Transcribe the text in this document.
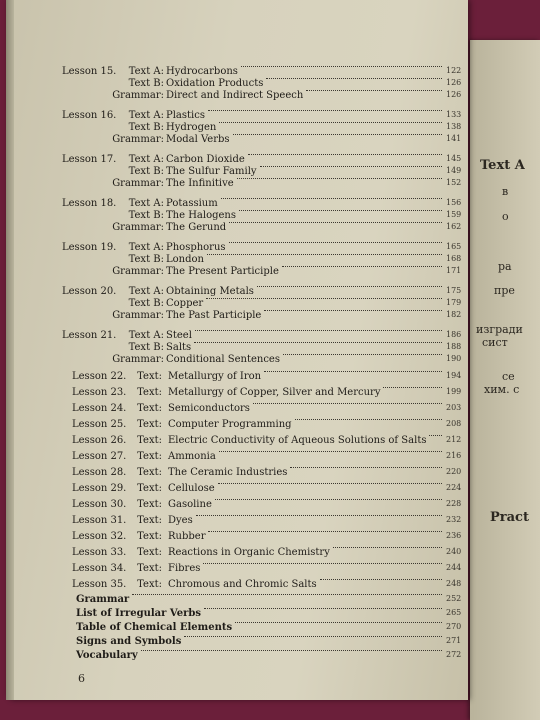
Text A
в
о
ра
пре
изгради
сист
се
хим. с
Pract
Lesson 15.	Text A: Hydrocarbons	122
Text B: Oxidation Products	126
Grammar: Direct and Indirect Speech	126
Lesson 16.	Text A: Plastics	133
Text B: Hydrogen	138
Grammar: Modal Verbs	141
Lesson 17.	Text A: Carbon Dioxide	145
Text B: The Sulfur Family	149
Grammar: The Infinitive	152
Lesson 18.	Text A: Potassium	156
Text B: The Halogens	159
Grammar: The Gerund	162
Lesson 19.	Text A: Phosphorus	165
Text B: London	168
Grammar: The Present Participle	171
Lesson 20.	Text A: Obtaining Metals	175
Text B: Copper	179
Grammar: The Past Participle	182
Lesson 21.	Text A: Steel	186
Text B: Salts	188
Grammar: Conditional Sentences	190
Lesson 22.	Text: Metallurgy of Iron	194
Lesson 23.	Text: Metallurgy of Copper, Silver and Mercury	199
Lesson 24.	Text: Semiconductors	203
Lesson 25.	Text: Computer Programming	208
Lesson 26.	Text: Electric Conductivity of Aqueous Solutions of Salts 212
Lesson 27.	Text: Ammonia	216
Lesson 28.	Text: The Ceramic Industries	220
Lesson 29.	Text: Cellulose	224
Lesson 30.	Text: Gasoline	228
Lesson 31.	Text: Dyes	232
Lesson 32.	Text: Rubber	236
Lesson 33.	Text: Reactions in Organic Chemistry	240
Lesson 34.	Text: Fibres	244
Lesson 35.	Text: Chromous and Chromic Salts	248
Grammar	252
List of Irregular Verbs	265
Table of Chemical Elements	270
Signs and Symbols	271
Vocabulary	272
6
